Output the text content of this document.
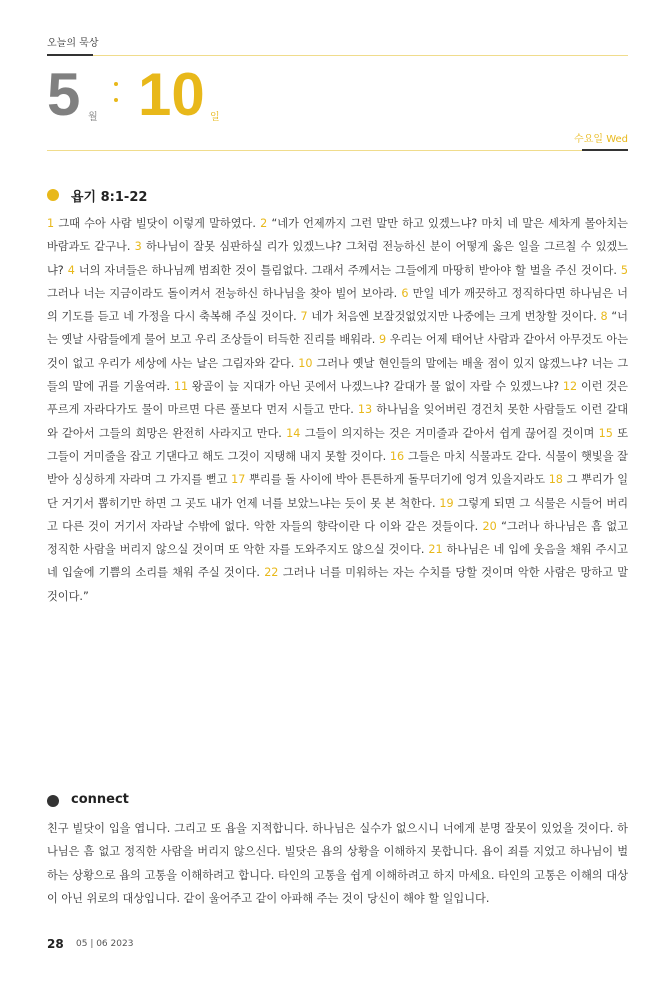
오늘의 묵상
5 월 10 일
수요일 Wed
욥기 8:1-22
1 그때 수아 사람 빌닷이 이렇게 말하였다. 2 “네가 언제까지 그런 말만 하고 있겠느냐? 마치 네 말은 세차게 몰아치는 바람과도 같구나. 3 하나님이 잘못 심판하실 리가 있겠느냐? 그처럼 전능하신 분이 어떻게 옳은 일을 그르칠 수 있겠느냐? 4 너의 자녀들은 하나님께 범죄한 것이 틀림없다. 그래서 주께서는 그들에게 마땅히 받아야 할 벌을 주신 것이다. 5 그러나 너는 지금이라도 돌이켜서 전능하신 하나님을 찾아 빌어 보아라. 6 만일 네가 깨끗하고 정직하다면 하나님은 너의 기도를 듣고 네 가정을 다시 축복해 주실 것이다. 7 네가 처음엔 보잘것없었지만 나중에는 크게 번창할 것이다. 8 “너는 옛날 사람들에게 물어 보고 우리 조상들이 터득한 진리를 배워라. 9 우리는 어제 태어난 사람과 같아서 아무것도 아는 것이 없고 우리가 세상에 사는 날은 그림자와 같다. 10 그러나 옛날 현인들의 말에는 배울 점이 있지 않겠느냐? 너는 그들의 말에 귀를 기울여라. 11 왕골이 늪 지대가 아닌 곳에서 나겠느냐? 갈대가 물 없이 자랄 수 있겠느냐? 12 이런 것은 푸르게 자라다가도 물이 마르면 다른 풀보다 먼저 시들고 만다. 13 하나님을 잊어버린 경건치 못한 사람들도 이런 갈대와 같아서 그들의 희망은 완전히 사라지고 만다. 14 그들이 의지하는 것은 거미줄과 같아서 쉽게 끊어질 것이며 15 또 그들이 거미줄을 잡고 기댄다고 해도 그것이 지탱해 내지 못할 것이다. 16 그들은 마치 식물과도 같다. 식물이 햇빛을 잘 받아 싱싱하게 자라며 그 가지를 뻗고 17 뿌리를 돌 사이에 박아 튼튼하게 돌무더기에 엉겨 있을지라도 18 그 뿌리가 일단 거기서 뽑히기만 하면 그 곳도 내가 언제 너를 보았느냐는 듯이 못 본 척한다. 19 그렇게 되면 그 식물은 시들어 버리고 다른 것이 거기서 자라날 수밖에 없다. 악한 자들의 향락이란 다 이와 같은 것들이다. 20 “그러나 하나님은 흠 없고 정직한 사람을 버리지 않으실 것이며 또 악한 자를 도와주지도 않으실 것이다. 21 하나님은 네 입에 웃음을 채워 주시고 네 입술에 기쁨의 소리를 채워 주실 것이다. 22 그러나 너를 미워하는 자는 수치를 당할 것이며 악한 사람은 망하고 말 것이다.”
connect
친구 빌닷이 입을 엽니다. 그리고 또 욥을 지적합니다. 하나님은 실수가 없으시니 너에게 분명 잘못이 있었을 것이다. 하나님은 흠 없고 정직한 사람을 버리지 않으신다. 빌닷은 욥의 상황을 이해하지 못합니다. 욥이 죄를 지었고 하나님이 벌하는 상황으로 욥의 고통을 이해하려고 합니다. 타인의 고통을 쉽게 이해하려고 하지 마세요. 타인의 고통은 이해의 대상이 아닌 위로의 대상입니다. 같이 울어주고 같이 아파해 주는 것이 당신이 해야 할 일입니다.
28 05 | 06 2023
